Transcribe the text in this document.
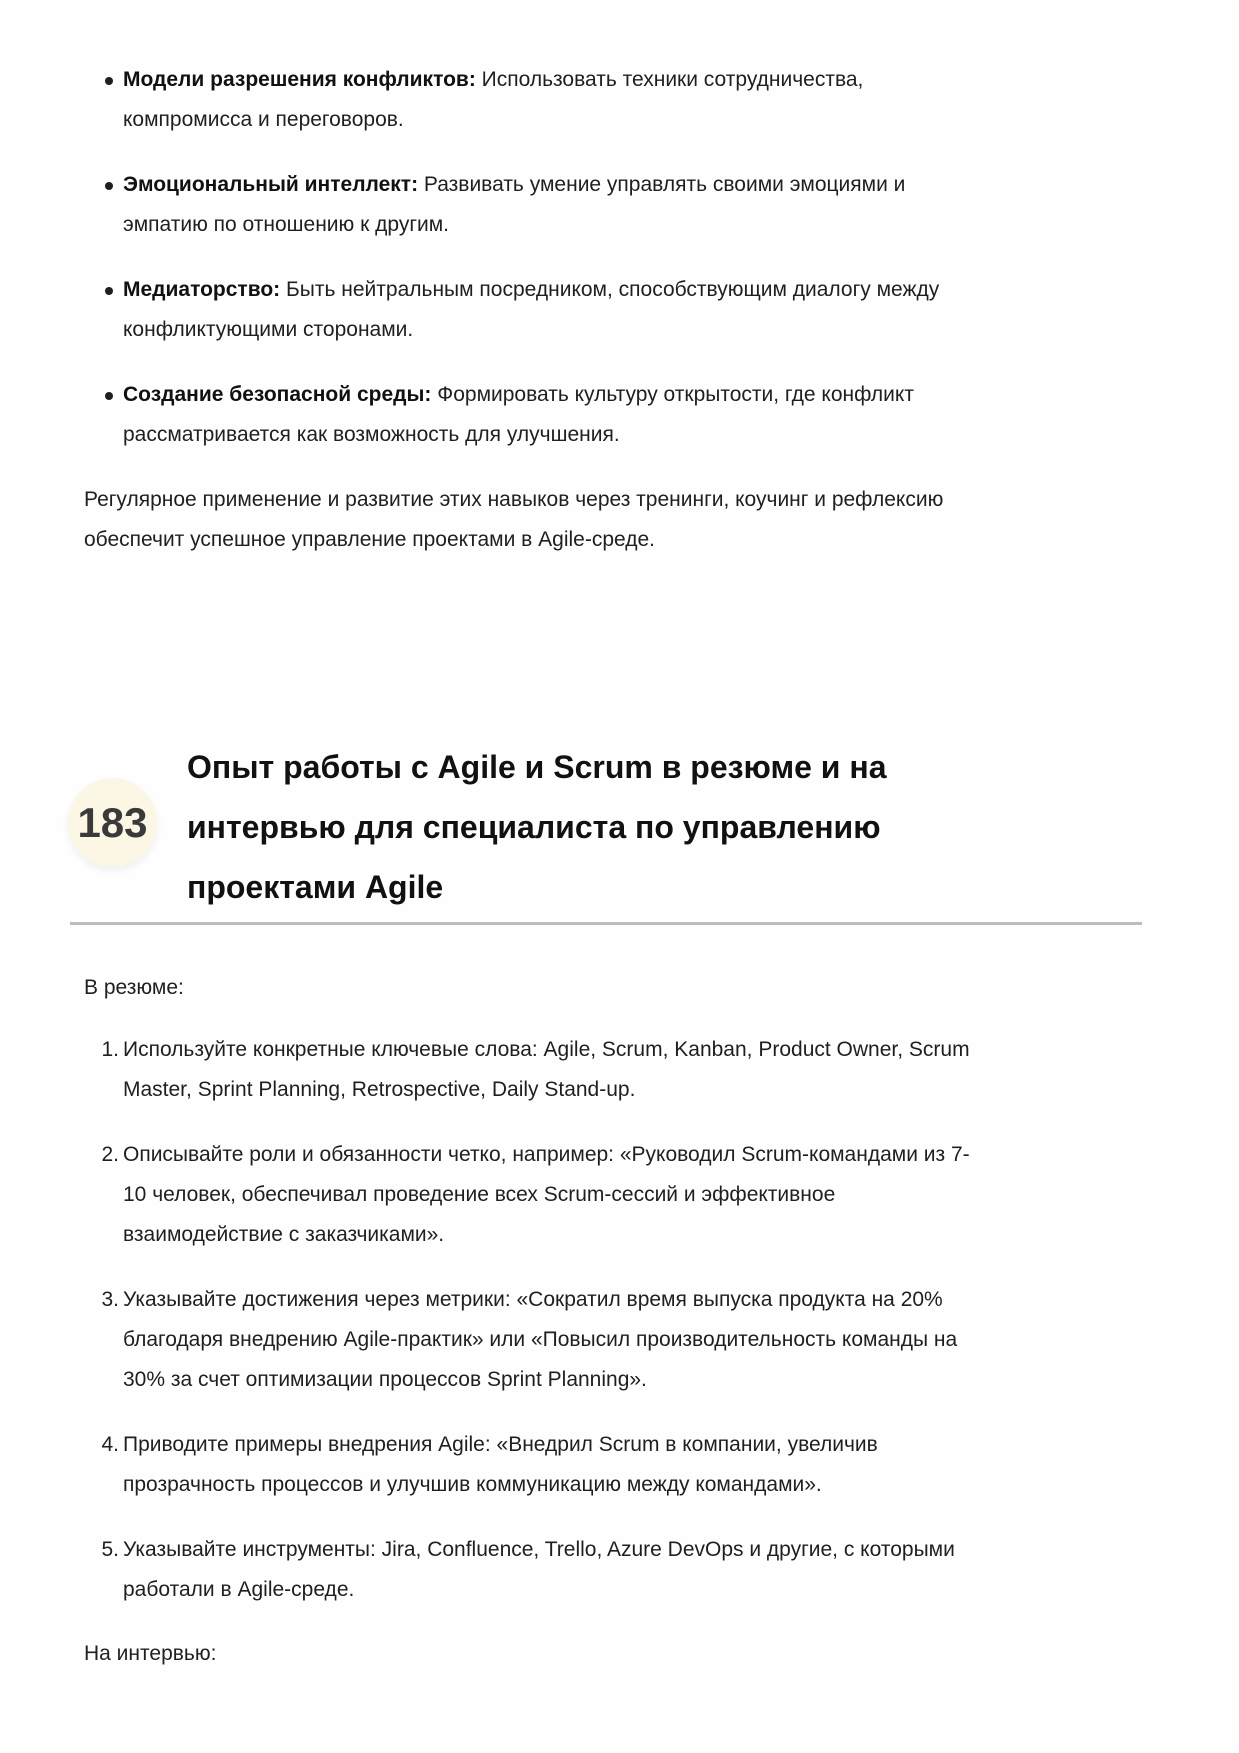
Модели разрешения конфликтов: Использовать техники сотрудничества,
компромисса и переговоров.
Эмоциональный интеллект: Развивать умение управлять своими эмоциями и
эмпатию по отношению к другим.
Медиаторство: Быть нейтральным посредником, способствующим диалогу между
конфликтующими сторонами.
Создание безопасной среды: Формировать культуру открытости, где конфликт
рассматривается как возможность для улучшения.
Регулярное применение и развитие этих навыков через тренинги, коучинг и рефлексию
обеспечит успешное управление проектами в Agile-среде.
183
Опыт работы с Agile и Scrum в резюме и на
интервью для специалиста по управлению
проектами Agile
В резюме:
1. Используйте конкретные ключевые слова: Agile, Scrum, Kanban, Product Owner, Scrum
Master, Sprint Planning, Retrospective, Daily Stand-up.
2. Описывайте роли и обязанности четко, например: «Руководил Scrum-командами из 7-
10 человек, обеспечивал проведение всех Scrum-сессий и эффективное
взаимодействие с заказчиками».
3. Указывайте достижения через метрики: «Сократил время выпуска продукта на 20%
благодаря внедрению Agile-практик» или «Повысил производительность команды на
30% за счет оптимизации процессов Sprint Planning».
4. Приводите примеры внедрения Agile: «Внедрил Scrum в компании, увеличив
прозрачность процессов и улучшив коммуникацию между командами».
5. Указывайте инструменты: Jira, Confluence, Trello, Azure DevOps и другие, с которыми
работали в Agile-среде.
На интервью:
